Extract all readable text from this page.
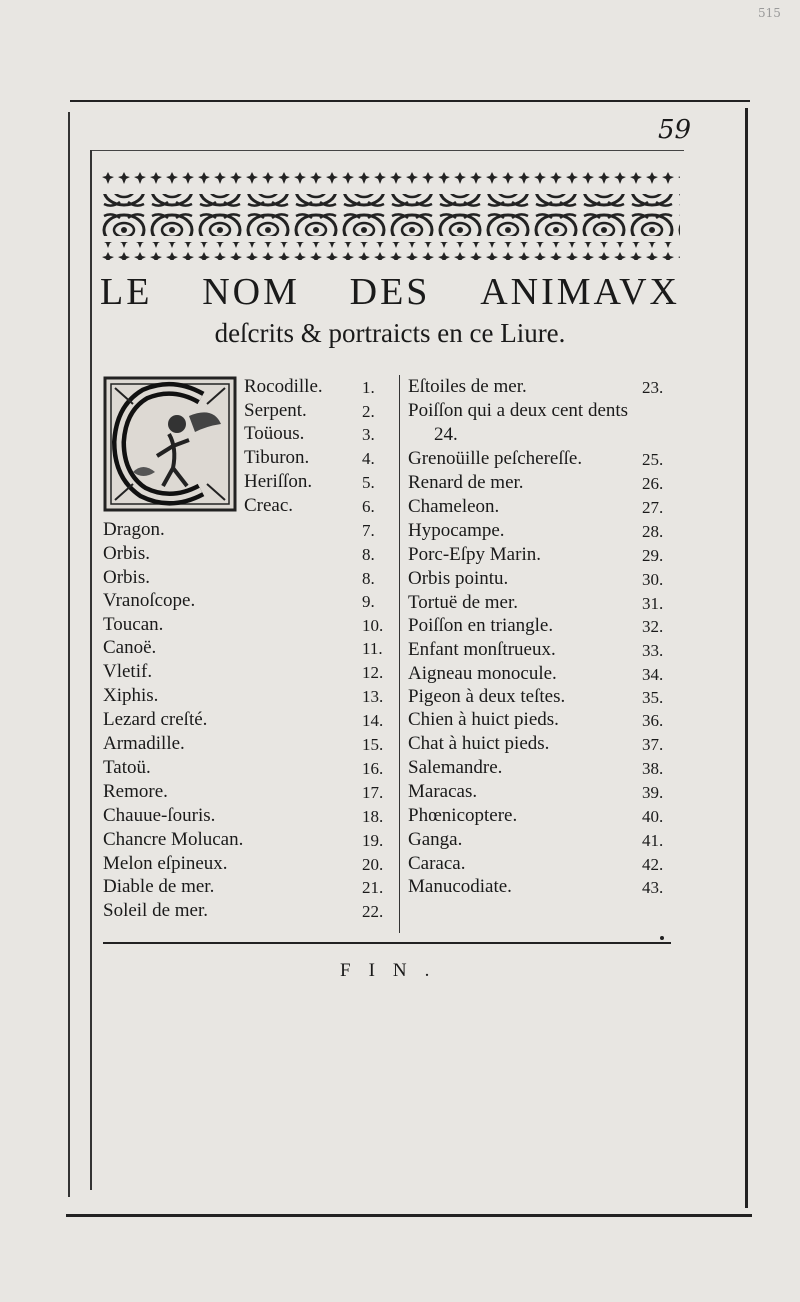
515
59
LE NOM DES ANIMAVX
deſcrits & portraicts en ce Liure.
Rocodille. 1.
Serpent.	2.
Toüous.	3.
Tiburon.	4.
Heriſſon.	5.
Creac.	6.
Dragon.	7.
Orbis.	8.
Orbis.	8.
Vranoſcope.	9.
Toucan.	10.
Canoë.	11.
Vletif.	12.
Xiphis.	13.
Lezard creſté.	14.
Armadille.	15.
Tatoü.	16.
Remore.	17.
Chauue-ſouris.	18.
Chancre Molucan.	19.
Melon eſpineux.	20.
Diable de mer.	21.
Soleil de mer.	22.
Eſtoiles de mer.	23.
Poiſſon qui a deux cent dents
24.
Grenoüille peſchereſſe.	25.
Renard de mer.	26.
Chameleon.	27.
Hypocampe.	28.
Porc-Eſpy Marin.	29.
Orbis pointu.	30.
Tortuë de mer.	31.
Poiſſon en triangle.	32.
Enfant monſtrueux.	33.
Aigneau monocule.	34.
Pigeon à deux teſtes.	35.
Chien à huict pieds.	36.
Chat à huict pieds.	37.
Salemandre.	38.
Maracas.	39.
Phœnicoptere.	40.
Ganga.	41.
Caraca.	42.
Manucodiate.	43.
FIN.
